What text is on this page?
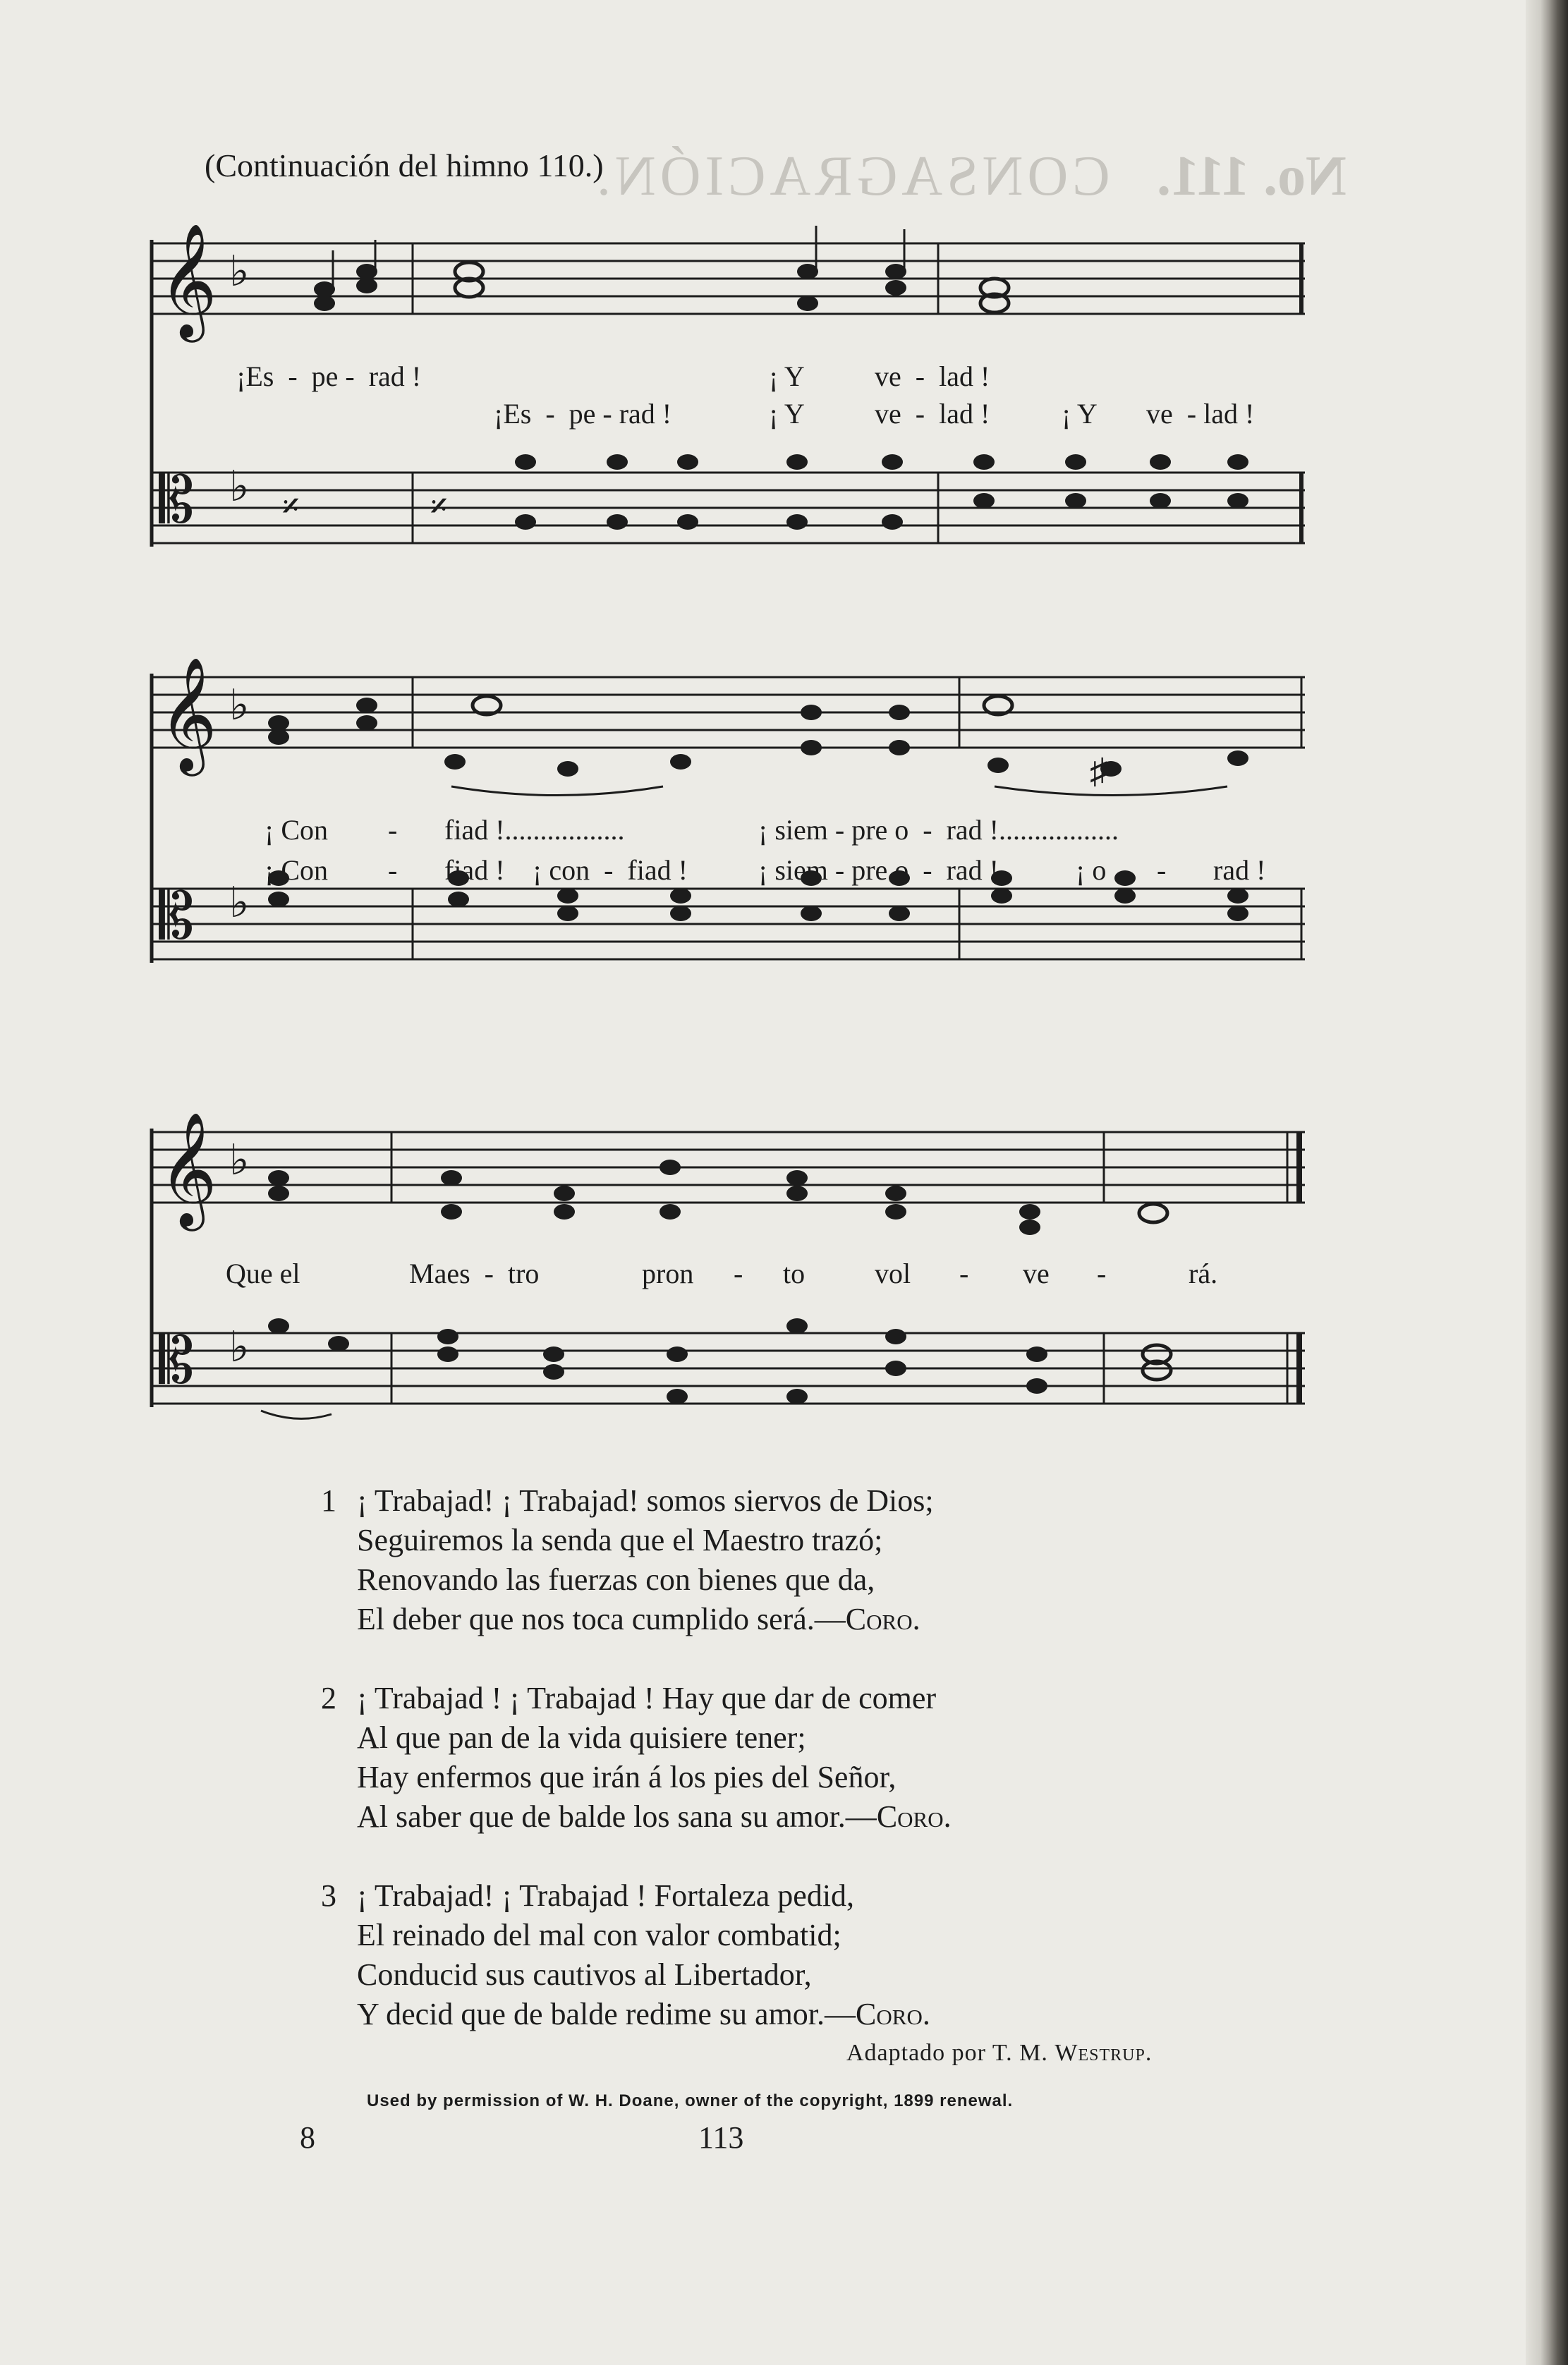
CONSAGRACIÓN. No. 111.
(Continuación del himno 110.)
𝄞
𝄡
♭
♭ 𝄎	𝄎
¡Es  -  pe -  rad !	¡ Y ve  -  lad !
¡Es  -  pe - rad !	¡ Y ve  -  lad !	¡ Y ve  - lad !
𝄞
𝄡
♭
♭
♯
¡ Con - fiad !.................	¡ siem - pre o  -  rad !.................
¡ Con - fiad ! ¡ con  -  fiad !	¡ siem - pre o  -  rad !	¡ o - rad !
𝄞
𝄡
♭
♭
Que el	Maes  -  tro	pron - to vol - ve -	rá.
1 ¡ Trabajad! ¡ Trabajad! somos siervos de Dios;
Seguiremos la senda que el Maestro trazó;
Renovando las fuerzas con bienes que da,
El deber que nos toca cumplido será.—Coro.
2 ¡ Trabajad ! ¡ Trabajad ! Hay que dar de comer
Al que pan de la vida quisiere tener;
Hay enfermos que irán á los pies del Señor,
Al saber que de balde los sana su amor.—Coro.
3 ¡ Trabajad! ¡ Trabajad ! Fortaleza pedid,
El reinado del mal con valor combatid;
Conducid sus cautivos al Libertador,
Y decid que de balde redime su amor.—Coro.
Adaptado por T. M. Westrup.
Used by permission of W. H. Doane, owner of the copyright, 1899 renewal.
8	113
